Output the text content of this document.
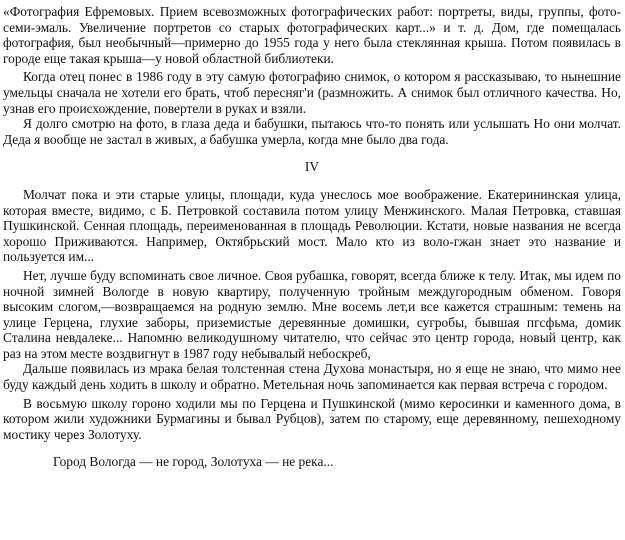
«Фотография Ефремовых. Прием всевозможных фотографических работ: портреты, виды, группы, фото-семи-эмаль. Увеличение портретов со старых фотографических карт...» и т. д. Дом, где помещалась фотография, был необычный—примерно до 1955 года у него была стеклянная крыша. Потом появилась в городе еще такая крыша—у новой областной библиотеки.

Когда отец понес в 1986 году в эту самую фотографию снимок, о котором я рассказываю, то нынешние умельцы сначала не хотели его брать, чтоб пересняг'и (размножить. А снимок был отличного качества. Но, узнав его происхождение, повертели в руках и взяли.

Я долго смотрю на фото, в глаза деда и бабушки, пытаюсь что-то понять или услышать Но они молчат. Деда я вообще не застал в живых, а бабушка умерла, когда мне было два года.

IV

Молчат пока и эти старые улицы, площади, куда унеслось мое воображение. Екатерининская улица, которая вместе, видимо, с Б. Петровкой составила потом улицу Менжинского. Малая Петровка, ставшая Пушкинской. Сенная площадь, переименованная в площадь Революции. Кстати, новые названия не всегда хорошо Приживаются. Например, Октябрьский мост. Мало кто из воло-гжан знает это название и пользуется им...

Нет, лучше буду вспоминать свое личное. Своя рубашка, говорят, всегда ближе к телу. Итак, мы идем по ночной зимней Вологде в новую квартиру, полученную тройным междугородным обменом. Говоря высоким слогом,—возвращаемся на родную землю. Мне восемь лет,и все кажется страшным: темень на улице Герцена, глухие заборы, приземистые деревянные домишки, сугробы, бывшая пгсфьма, домик Сталина невдалеке... Напомню великодушному читателю, что сейчас это центр города, новый центр, как раз на этом месте воздвигнут в 1987 году небывалый небоскреб,

Дальше появилась из мрака белая толстенная стена Духова монастыря, но я еще не знаю, что мимо нее буду каждый день ходить в школу и обратно. Метельная ночь запоминается как первая встреча с городом.

В восьмую школу гороно ходили мы по Герцена и Пушкинской (мимо керосинки и каменного дома, в котором жили художники Бурмагины и бывал Рубцов), затем по старому, еще деревянному, пешеходному мостику через Золотуху.

Город Вологда — не город, Золотуха — не река...
